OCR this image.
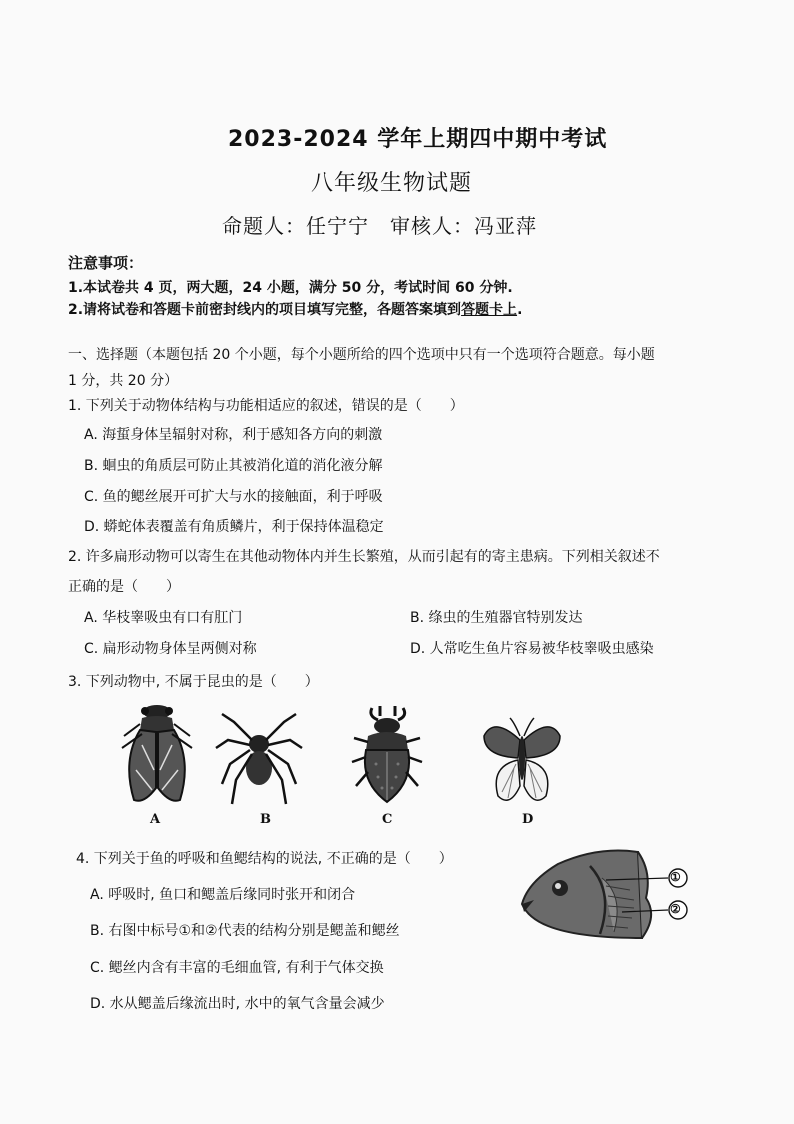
2023-2024 学年上期四中期中考试
八年级生物试题
命题人：任宁宁　审核人：冯亚萍
注意事项：
1.本试卷共 4 页，两大题，24 小题，满分 50 分，考试时间 60 分钟.
2.请将试卷和答题卡前密封线内的项目填写完整，各题答案填到答题卡上.
一、选择题（本题包括 20 个小题，每个小题所给的四个选项中只有一个选项符合题意。每小题
1 分，共 20 分）
1. 下列关于动物体结构与功能相适应的叙述，错误的是（　　）
A. 海蜇身体呈辐射对称，利于感知各方向的刺激
B. 蛔虫的角质层可防止其被消化道的消化液分解
C. 鱼的鳃丝展开可扩大与水的接触面，利于呼吸
D. 蟒蛇体表覆盖有角质鳞片，利于保持体温稳定
2. 许多扁形动物可以寄生在其他动物体内并生长繁殖，从而引起有的寄主患病。下列相关叙述不
正确的是（　　）
A. 华枝睾吸虫有口有肛门	B. 绦虫的生殖器官特别发达
C. 扁形动物身体呈两侧对称	D. 人常吃生鱼片容易被华枝睾吸虫感染
3. 下列动物中, 不属于昆虫的是（　　）
A	B	C	D
4. 下列关于鱼的呼吸和鱼鳃结构的说法, 不正确的是（　　）
A. 呼吸时, 鱼口和鳃盖后缘同时张开和闭合
B. 右图中标号①和②代表的结构分别是鳃盖和鳃丝
C. 鳃丝内含有丰富的毛细血管, 有利于气体交换
D. 水从鳃盖后缘流出时, 水中的氧气含量会减少
①
②
